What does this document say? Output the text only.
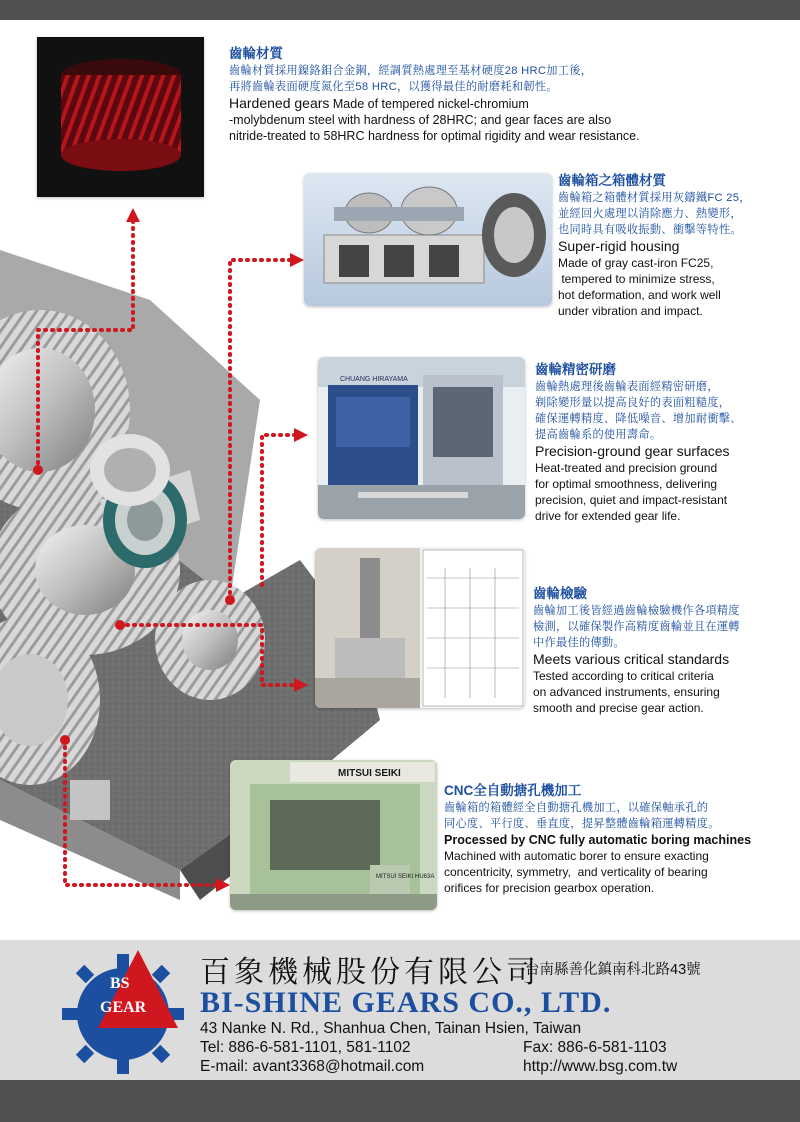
齒輪材質
齒輪材質採用鎳鉻鉬合金鋼，經調質熱處理至基材硬度28 HRC加工後，
再將齒輪表面硬度氮化至58 HRC，以獲得最佳的耐磨耗和韌性。
Hardened gears Made of tempered nickel-chromium
-molybdenum steel with hardness of 28HRC; and gear faces are also
nitride-treated to 58HRC hardness for optimal rigidity and wear resistance.
齒輪箱之箱體材質
齒輪箱之箱體材質採用灰鑄鐵FC 25，
並經回火處理以消除應力、熱變形，
也同時具有吸收振動、衝擊等特性。
Super-rigid housing
Made of gray cast-iron FC25,
tempered to minimize stress,
hot deformation, and work well
under vibration and impact.
CHUANG HIRAYAMA
齒輪精密研磨
齒輪熱處理後齒輪表面經精密研磨，
剃除變形量以提高良好的表面粗糙度，
確保運轉精度、降低噪音、增加耐衝擊、
提高齒輪系的使用壽命。
Precision-ground gear surfaces
Heat-treated and precision ground
for optimal smoothness, delivering
precision, quiet and impact-resistant
drive for extended gear life.
齒輪檢驗
齒輪加工後皆經過齒輪檢驗機作各項精度
檢測，以確保製作高精度齒輪並且在運轉
中作最佳的傳動。
Meets various critical standards
Tested according to critical criteria
on advanced instruments, ensuring
smooth and precise gear action.
MITSUI SEIKI
MITSUI SEIKI HU63A
CNC全自動搪孔機加工
齒輪箱的箱體經全自動搪孔機加工，以確保軸承孔的
同心度、平行度、垂直度，提昇整體齒輪箱運轉精度。
Processed by CNC fully automatic boring machines
Machined with automatic borer to ensure exacting
concentricity, symmetry,  and verticality of bearing
orifices for precision gearbox operation.
BS
GEAR
百象機械股份有限公司
台南縣善化鎮南科北路43號
BI-SHINE GEARS CO., LTD.
43 Nanke N. Rd., Shanhua Chen, Tainan Hsien, Taiwan
Tel: 886-6-581-1101, 581-1102	Fax: 886-6-581-1103
E-mail: avant3368@hotmail.com	http://www.bsg.com.tw
